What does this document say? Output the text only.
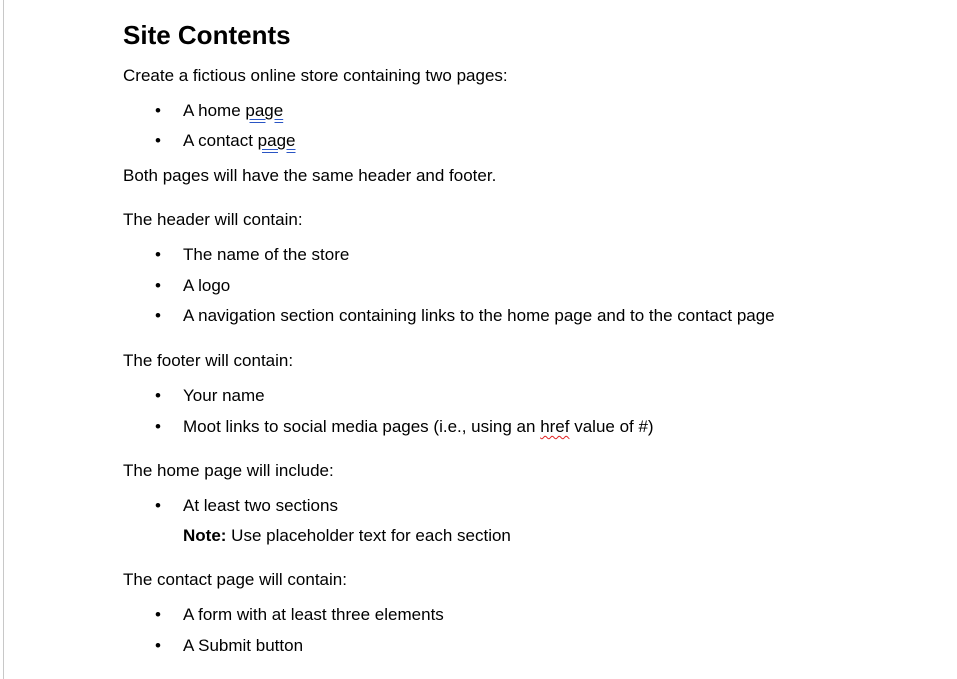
Site Contents
Create a fictious online store containing two pages:
• A home page
• A contact page
Both pages will have the same header and footer.
The header will contain:
• The name of the store
• A logo
• A navigation section containing links to the home page and to the contact page
The footer will contain:
• Your name
• Moot links to social media pages (i.e., using an href value of #)
The home page will include:
• At least two sections
Note: Use placeholder text for each section
The contact page will contain:
• A form with at least three elements
• A Submit button
